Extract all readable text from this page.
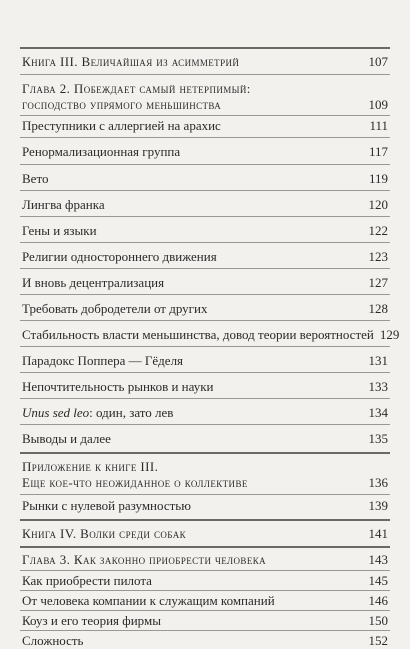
Книга III. Величайшая из асимметрий	107
Глава 2. Побеждает самый нетерпимый:
господство упрямого меньшинства	109
Преступники с аллергией на арахис	111
Ренормализационная группа	117
Вето	119
Лингва франка	120
Гены и языки	122
Религии одностороннего движения	123
И вновь децентрализация	127
Требовать добродетели от других	128
Стабильность власти меньшинства, довод теории вероятностей 129
Парадокс Поппера — Гёделя	131
Непочтительность рынков и науки	133
Unus sed leo: один, зато лев	134
Выводы и далее	135
Приложение к книге III.
Еще кое-что неожиданное о коллективе	136
Рынки с нулевой разумностью	139
Книга IV. Волки среди собак	141
Глава 3. Как законно приобрести человека	143
Как приобрести пилота	145
От человека компании к служащим компаний	146
Коуз и его теория фирмы	150
Сложность	152
